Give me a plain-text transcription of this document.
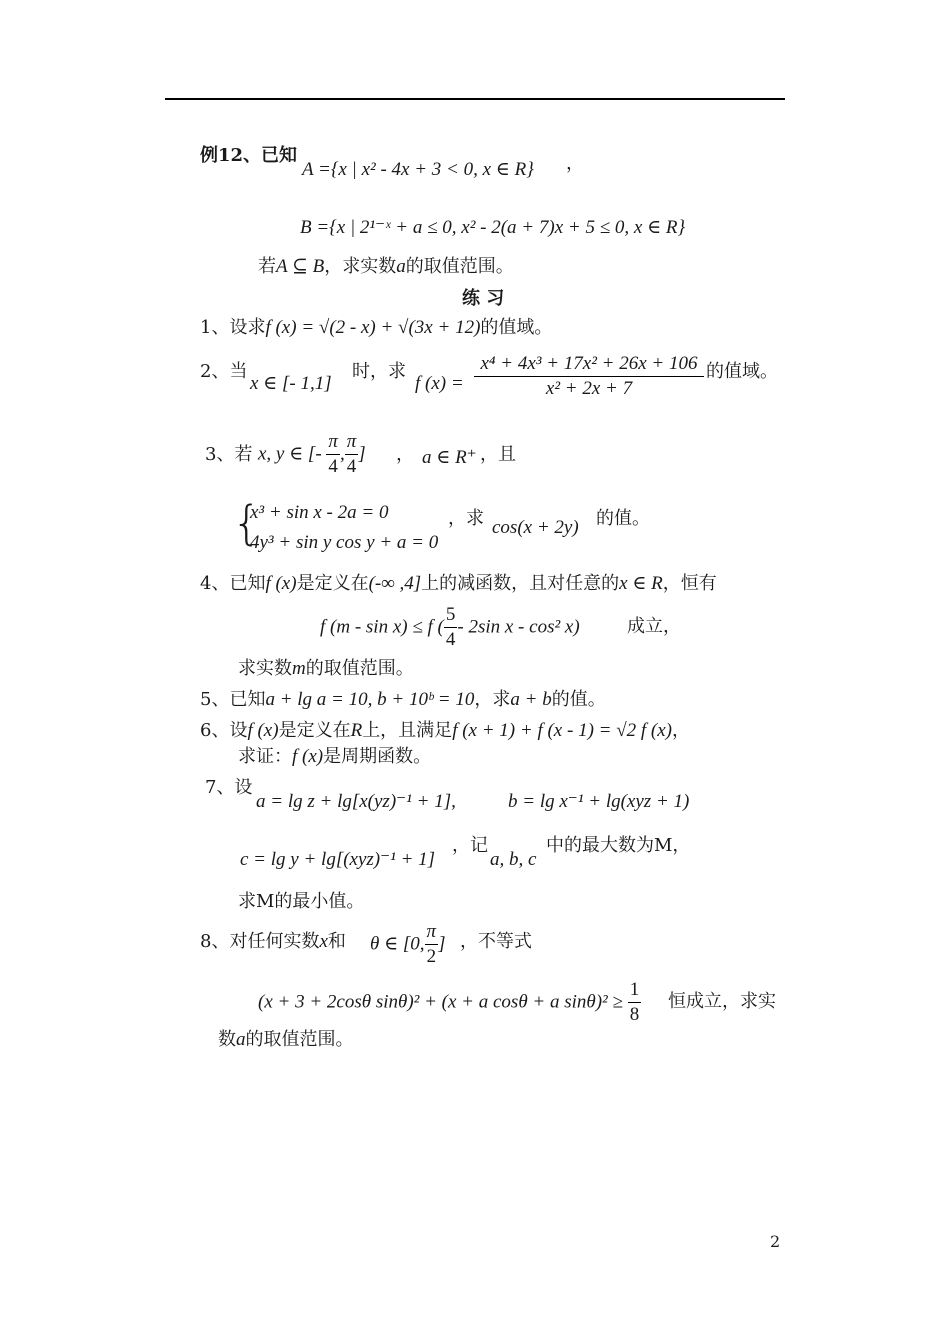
例12、已知
A ={x | x² - 4x + 3 < 0, x ∈ R} ，
B ={x | 2¹⁻ˣ + a ≤ 0, x² - 2(a + 7)x + 5 ≤ 0, x ∈ R}
若A ⊆ B，求实数a的取值范围。
练 习
1、设求f (x) = √(2 - x) + √(3x + 12)的值域。
2、当
x ∈ [- 1,1]
时，求
f $(x) = \frac{\text{x⁴ + 4x³ + 17x² + 26x + 106}}{\text{x² + 2x + 7}}$ 的值域。
3、若 x, y ∈ [- $\frac{\pi}{4}$ , $\frac{\pi}{4}$ ] ， a ∈ R⁺ ，且
{
x³ + sin x - 2a = 0
4y³ + sin y cos y + a = 0
，求 cos(x + 2y) 的值。
4、已知f (x)是定义在(-∞ ,4]上的减函数，且对任意的x ∈ R，恒有
f (m - sin x) ≤ f ( $\frac{5}{4} - 2\sin$ x - cos² x)	成立，
求实数m的取值范围。
5、已知a + lg a = 10, b + 10ᵇ = 10，求a + b的值。
6、设f (x)是定义在R上，且满足f (x + 1) + f (x - 1) = √2 f (x)，
求证：f (x)是周期函数。
7、设
a = lg z + lg[x(yz)⁻¹ + 1],	b = lg x⁻¹ + lg(xyz + 1)
c = lg y + lg[(xyz)⁻¹ + 1]
，记
a, b, c
中的最大数为M，
求M的最小值。
8、对任何实数x和 θ ∈ [0, $\frac{\pi}{2}$ ] ，不等式
(x + 3 + 2cosθ sinθ)² + (x + a cosθ + a $\sin\theta)^2 \ge \frac{1}{8}$ 恒成立，求实
数a的取值范围。
2
